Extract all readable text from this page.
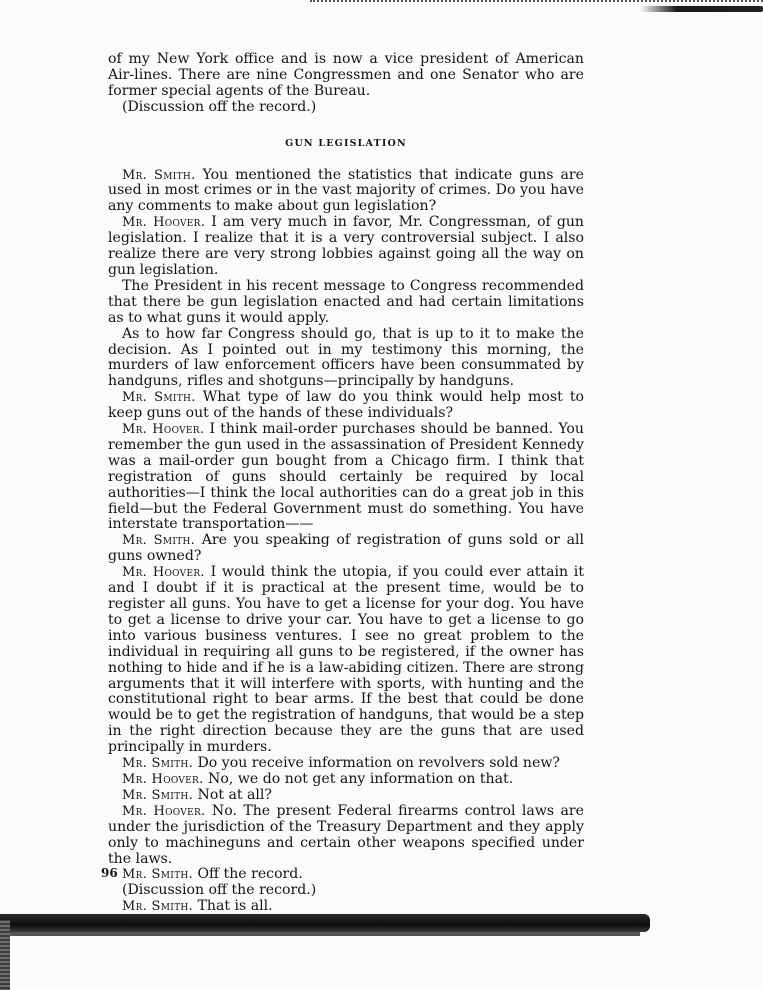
of my New York office and is now a vice president of American Air-lines. There are nine Congressmen and one Senator who are former special agents of the Bureau.

(Discussion off the record.)

GUN LEGISLATION

Mr. Smith. You mentioned the statistics that indicate guns are used in most crimes or in the vast majority of crimes. Do you have any comments to make about gun legislation?

Mr. Hoover. I am very much in favor, Mr. Congressman, of gun legislation. I realize that it is a very controversial subject. I also realize there are very strong lobbies against going all the way on gun legislation.

The President in his recent message to Congress recommended that there be gun legislation enacted and had certain limitations as to what guns it would apply.

As to how far Congress should go, that is up to it to make the decision. As I pointed out in my testimony this morning, the murders of law enforcement officers have been consummated by handguns, rifles and shotguns—principally by handguns.

Mr. Smith. What type of law do you think would help most to keep guns out of the hands of these individuals?

Mr. Hoover. I think mail-order purchases should be banned. You remember the gun used in the assassination of President Kennedy was a mail-order gun bought from a Chicago firm. I think that registration of guns should certainly be required by local authorities—I think the local authorities can do a great job in this field—but the Federal Government must do something. You have interstate transportation——

Mr. Smith. Are you speaking of registration of guns sold or all guns owned?

Mr. Hoover. I would think the utopia, if you could ever attain it and I doubt if it is practical at the present time, would be to register all guns. You have to get a license for your dog. You have to get a license to drive your car. You have to get a license to go into various business ventures. I see no great problem to the individual in requiring all guns to be registered, if the owner has nothing to hide and if he is a law-abiding citizen. There are strong arguments that it will interfere with sports, with hunting and the constitutional right to bear arms. If the best that could be done would be to get the registration of handguns, that would be a step in the right direction because they are the guns that are used principally in murders.

Mr. Smith. Do you receive information on revolvers sold new?

Mr. Hoover. No, we do not get any information on that.

Mr. Smith. Not at all?

Mr. Hoover. No. The present Federal firearms control laws are under the jurisdiction of the Treasury Department and they apply only to machineguns and certain other weapons specified under the laws.

Mr. Smith. Off the record.

(Discussion off the record.)

Mr. Smith. That is all.

96
